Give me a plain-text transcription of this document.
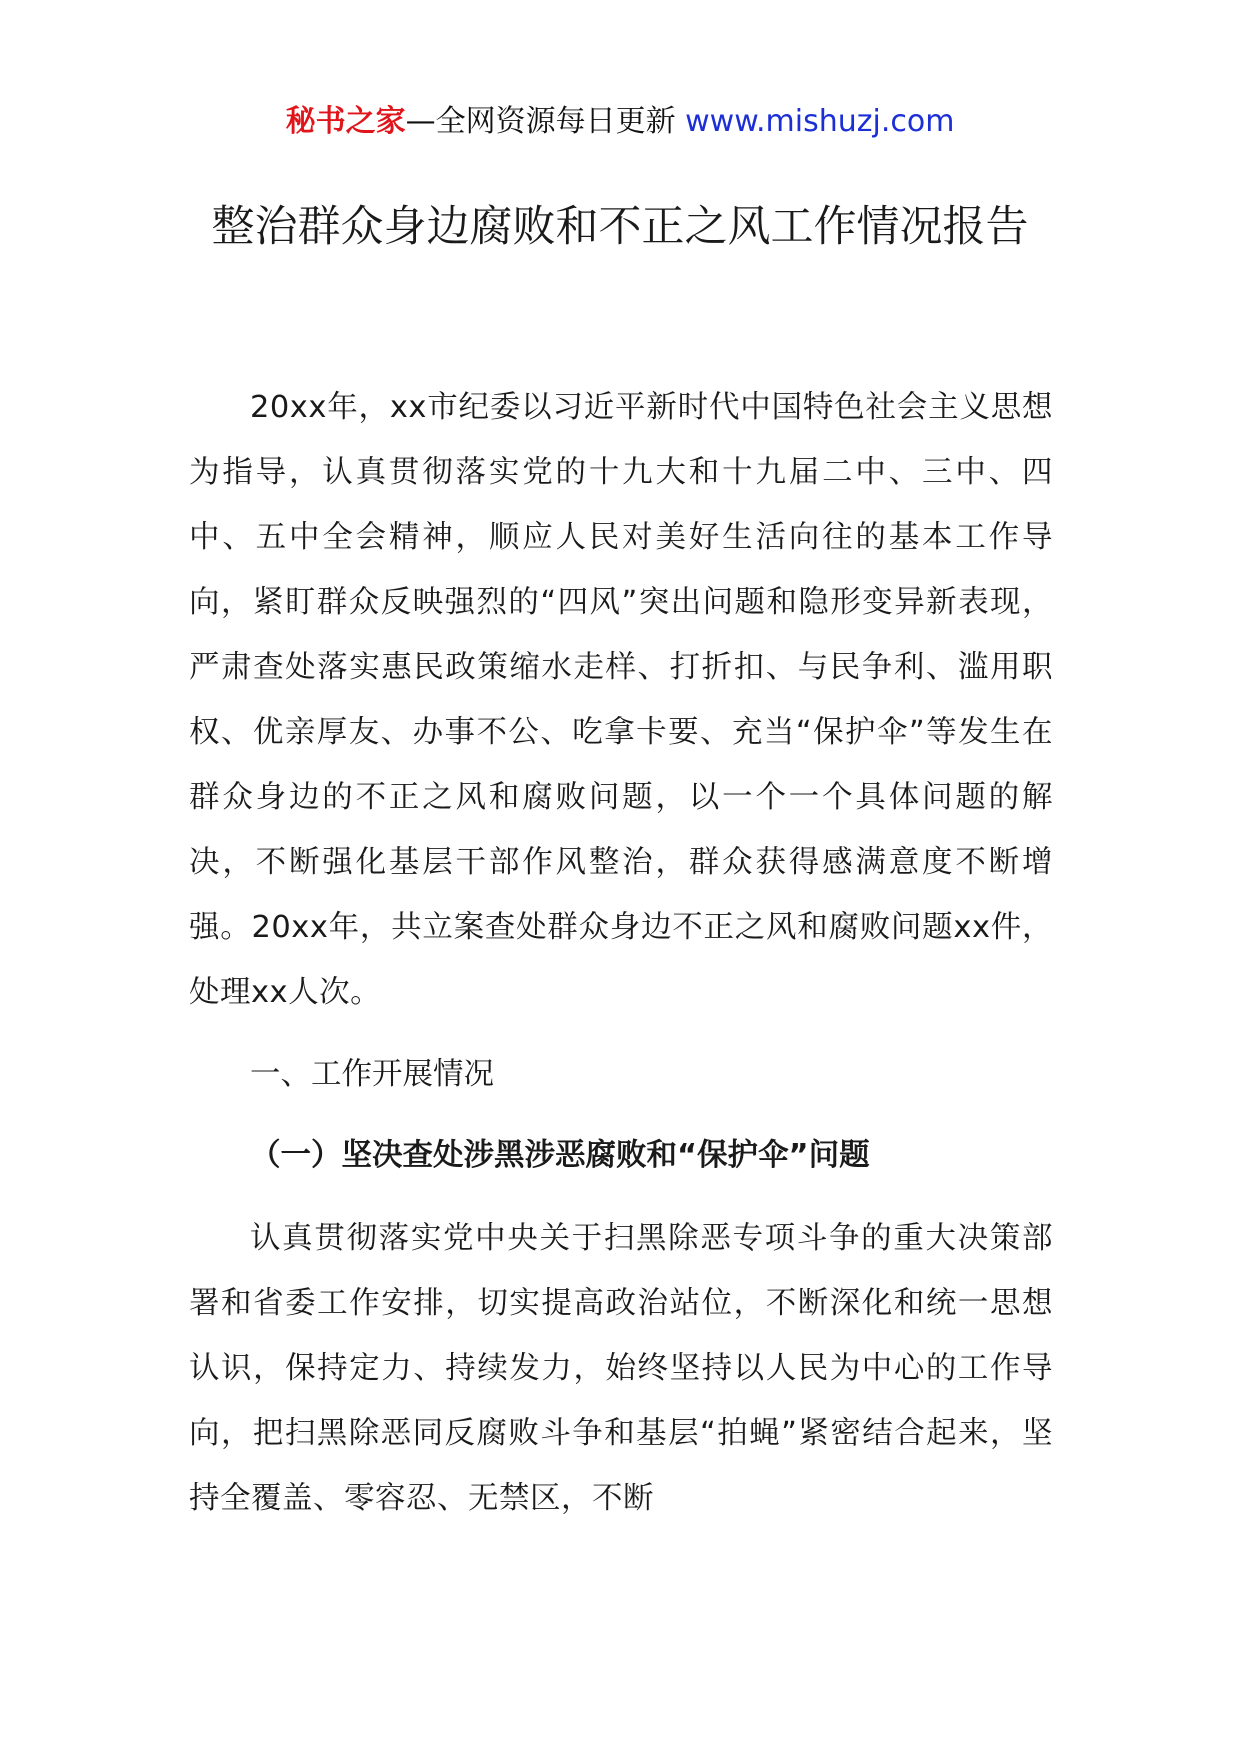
秘书之家—全网资源每日更新 www.mishuzj.com
整治群众身边腐败和不正之风工作情况报告

20xx年，xx市纪委以习近平新时代中国特色社会主义思想为指导，认真贯彻落实党的十九大和十九届二中、三中、四中、五中全会精神，顺应人民对美好生活向往的基本工作导向，紧盯群众反映强烈的“四风”突出问题和隐形变异新表现，严肃查处落实惠民政策缩水走样、打折扣、与民争利、滥用职权、优亲厚友、办事不公、吃拿卡要、充当“保护伞”等发生在群众身边的不正之风和腐败问题，以一个一个具体问题的解决，不断强化基层干部作风整治，群众获得感满意度不断增强。20xx年，共立案查处群众身边不正之风和腐败问题xx件，处理xx人次。

一、工作开展情况

（一）坚决查处涉黑涉恶腐败和“保护伞”问题

认真贯彻落实党中央关于扫黑除恶专项斗争的重大决策部署和省委工作安排，切实提高政治站位，不断深化和统一思想认识，保持定力、持续发力，始终坚持以人民为中心的工作导向，把扫黑除恶同反腐败斗争和基层“拍蝇”紧密结合起来，坚持全覆盖、零容忍、无禁区，不断
